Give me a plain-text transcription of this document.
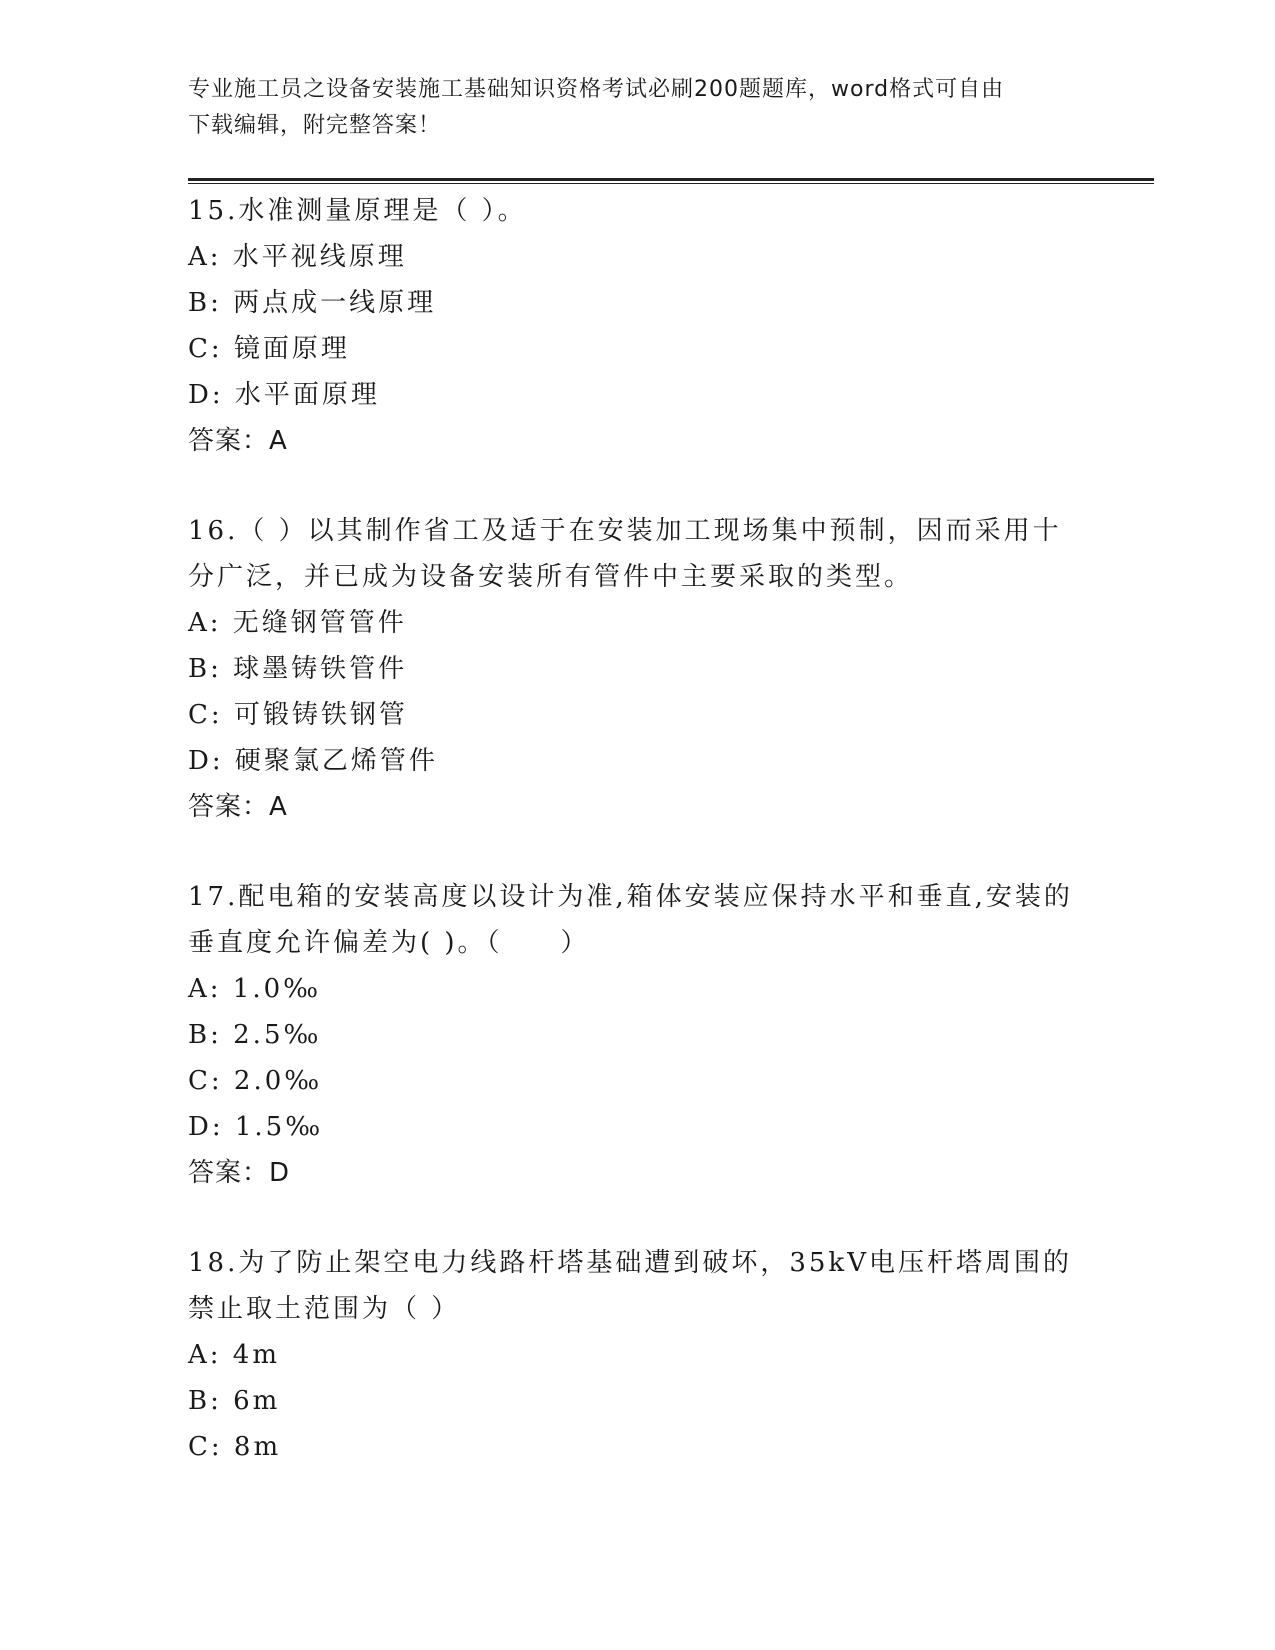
专业施工员之设备安装施工基础知识资格考试必刷200题题库，word格式可自由
下载编辑，附完整答案！
15.水准测量原理是（ ）。
A: 水平视线原理
B: 两点成一线原理
C: 镜面原理
D: 水平面原理
答案：A
16.（ ）以其制作省工及适于在安装加工现场集中预制，因而采用十分广泛，并已成为设备安装所有管件中主要采取的类型。
A: 无缝钢管管件
B: 球墨铸铁管件
C: 可锻铸铁钢管
D: 硬聚氯乙烯管件
答案：A
17.配电箱的安装高度以设计为准,箱体安装应保持水平和垂直,安装的垂直度允许偏差为( )。（　　）
A: 1.0‰
B: 2.5‰
C: 2.0‰
D: 1.5‰
答案：D
18.为了防止架空电力线路杆塔基础遭到破坏，35kV电压杆塔周围的禁止取土范围为（ ）
A: 4m
B: 6m
C: 8m
